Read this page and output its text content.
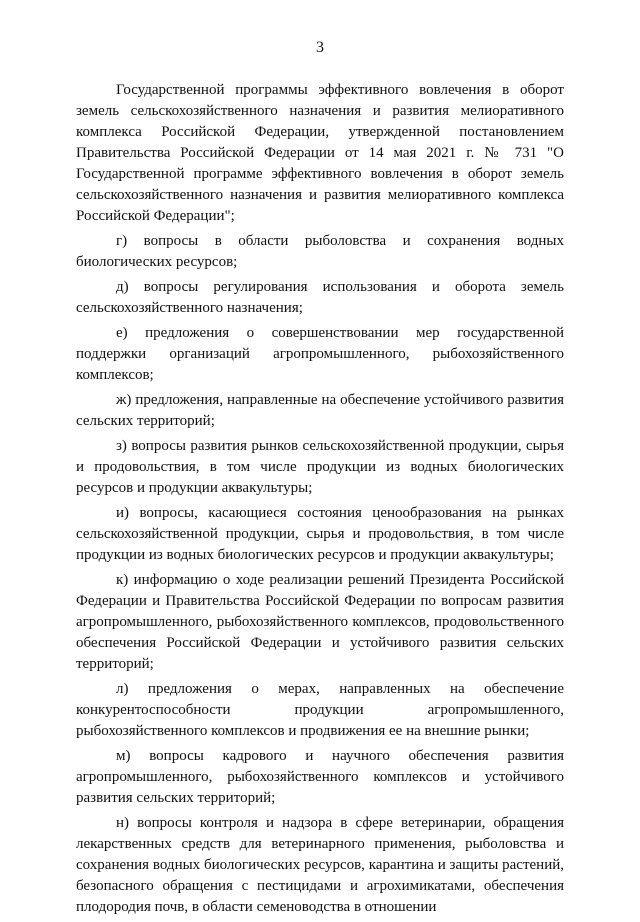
3

Государственной программы эффективного вовлечения в оборот земель сельскохозяйственного назначения и развития мелиоративного комплекса Российской Федерации, утвержденной постановлением Правительства Российской Федерации от 14 мая 2021 г. № 731 "О Государственной программе эффективного вовлечения в оборот земель сельскохозяйственного назначения и развития мелиоративного комплекса Российской Федерации";

г) вопросы в области рыболовства и сохранения водных биологических ресурсов;

д) вопросы регулирования использования и оборота земель сельскохозяйственного назначения;

е) предложения о совершенствовании мер государственной поддержки организаций агропромышленного, рыбохозяйственного комплексов;

ж) предложения, направленные на обеспечение устойчивого развития сельских территорий;

з) вопросы развития рынков сельскохозяйственной продукции, сырья и продовольствия, в том числе продукции из водных биологических ресурсов и продукции аквакультуры;

и) вопросы, касающиеся состояния ценообразования на рынках сельскохозяйственной продукции, сырья и продовольствия, в том числе продукции из водных биологических ресурсов и продукции аквакультуры;

к) информацию о ходе реализации решений Президента Российской Федерации и Правительства Российской Федерации по вопросам развития агропромышленного, рыбохозяйственного комплексов, продовольственного обеспечения Российской Федерации и устойчивого развития сельских территорий;

л) предложения о мерах, направленных на обеспечение конкурентоспособности продукции агропромышленного, рыбохозяйственного комплексов и продвижения ее на внешние рынки;

м) вопросы кадрового и научного обеспечения развития агропромышленного, рыбохозяйственного комплексов и устойчивого развития сельских территорий;

н) вопросы контроля и надзора в сфере ветеринарии, обращения лекарственных средств для ветеринарного применения, рыболовства и сохранения водных биологических ресурсов, карантина и защиты растений, безопасного обращения с пестицидами и агрохимикатами, обеспечения плодородия почв, в области семеноводства в отношении
